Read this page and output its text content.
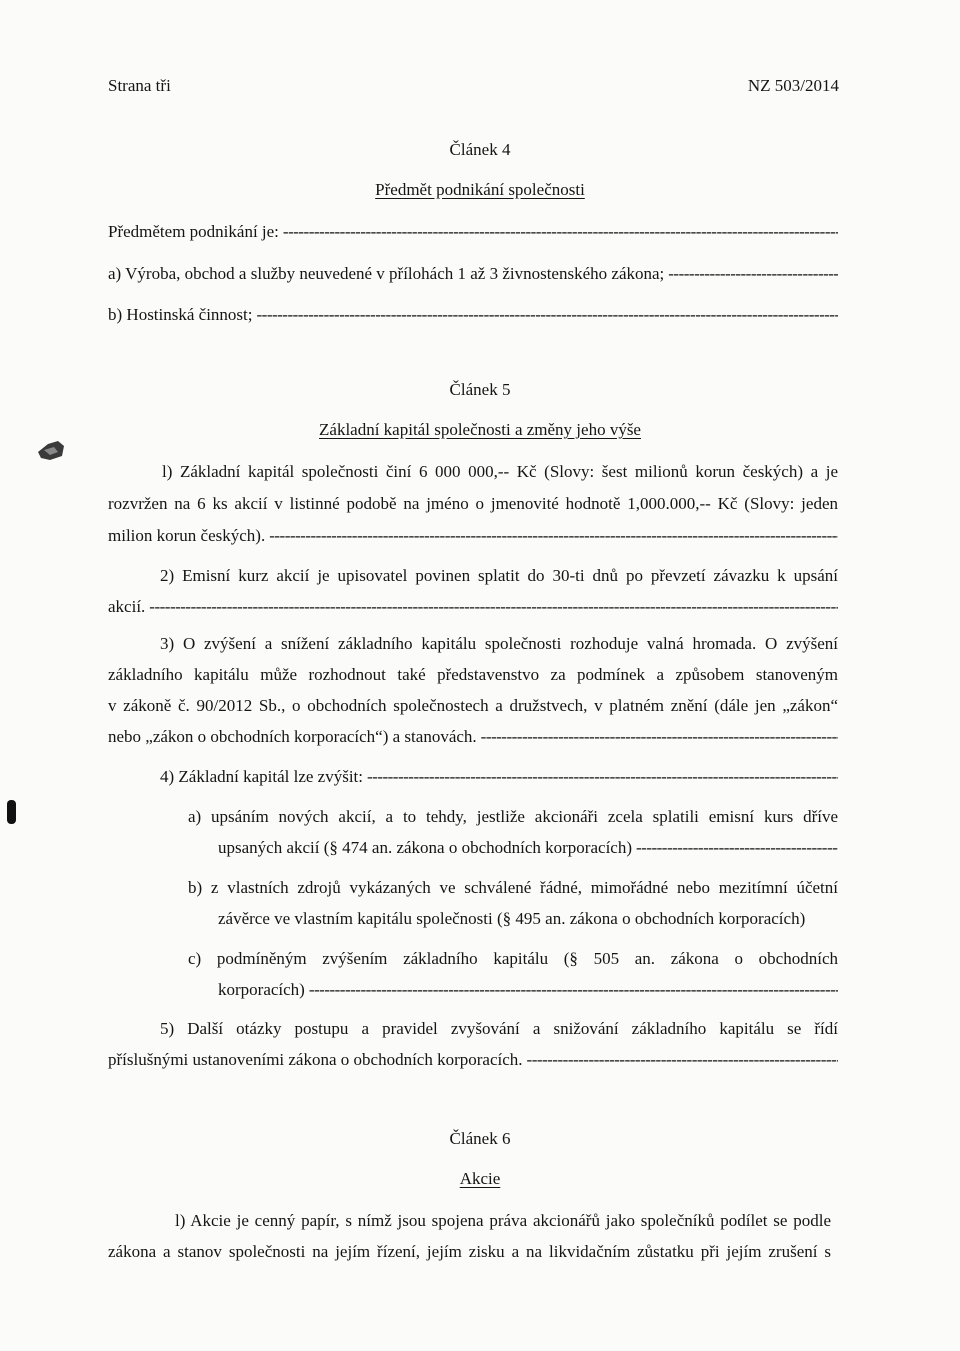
Strana tři	NZ 503/2014
Článek 4
Předmět podnikání společnosti
Předmětem podnikání je:
-----
a) Výroba, obchod a služby neuvedené v přílohách 1 až 3 živnostenského zákona;
-----
b) Hostinská činnost;
-----
Článek 5
Základní kapitál společnosti a změny jeho výše
l) Základní kapitál společnosti činí 6 000 000,-- Kč (Slovy: šest milionů korun českých) a je
rozvržen na 6 ks akcií v listinné podobě na jméno o jmenovité hodnotě 1,000.000,-- Kč (Slovy: jeden
milion korun českých).
-----
2) Emisní kurz akcií je upisovatel povinen splatit do 30-ti dnů po převzetí závazku k upsání
akcií.
-----
3) O zvýšení a snížení základního kapitálu společnosti rozhoduje valná hromada. O zvýšení
základního kapitálu může rozhodnout také představenstvo za podmínek a způsobem stanoveným
v zákoně č. 90/2012 Sb., o obchodních společnostech a družstvech, v platném znění (dále jen „zákon“
nebo „zákon o obchodních korporacích“) a stanovách.
-----
4) Základní kapitál lze zvýšit:
-----
a) upsáním nových akcií, a to tehdy, jestliže akcionáři zcela splatili emisní kurs dříve
upsaných akcií (§ 474 an. zákona o obchodních korporacích)
-----
b) z vlastních zdrojů vykázaných ve schválené řádné, mimořádné nebo mezitímní účetní
závěrce ve vlastním kapitálu společnosti (§ 495 an. zákona o obchodních korporacích)
c) podmíněným zvýšením základního kapitálu (§ 505 an. zákona o obchodních
korporacích)
-----
5) Další otázky postupu a pravidel zvyšování a snižování základního kapitálu se řídí
příslušnými ustanoveními zákona o obchodních korporacích.
-----
Článek 6
Akcie
l) Akcie je cenný papír, s nímž jsou spojena práva akcionářů jako společníků podílet se podle
zákona a stanov společnosti na jejím řízení, jejím zisku a na likvidačním zůstatku při jejím zrušení s
